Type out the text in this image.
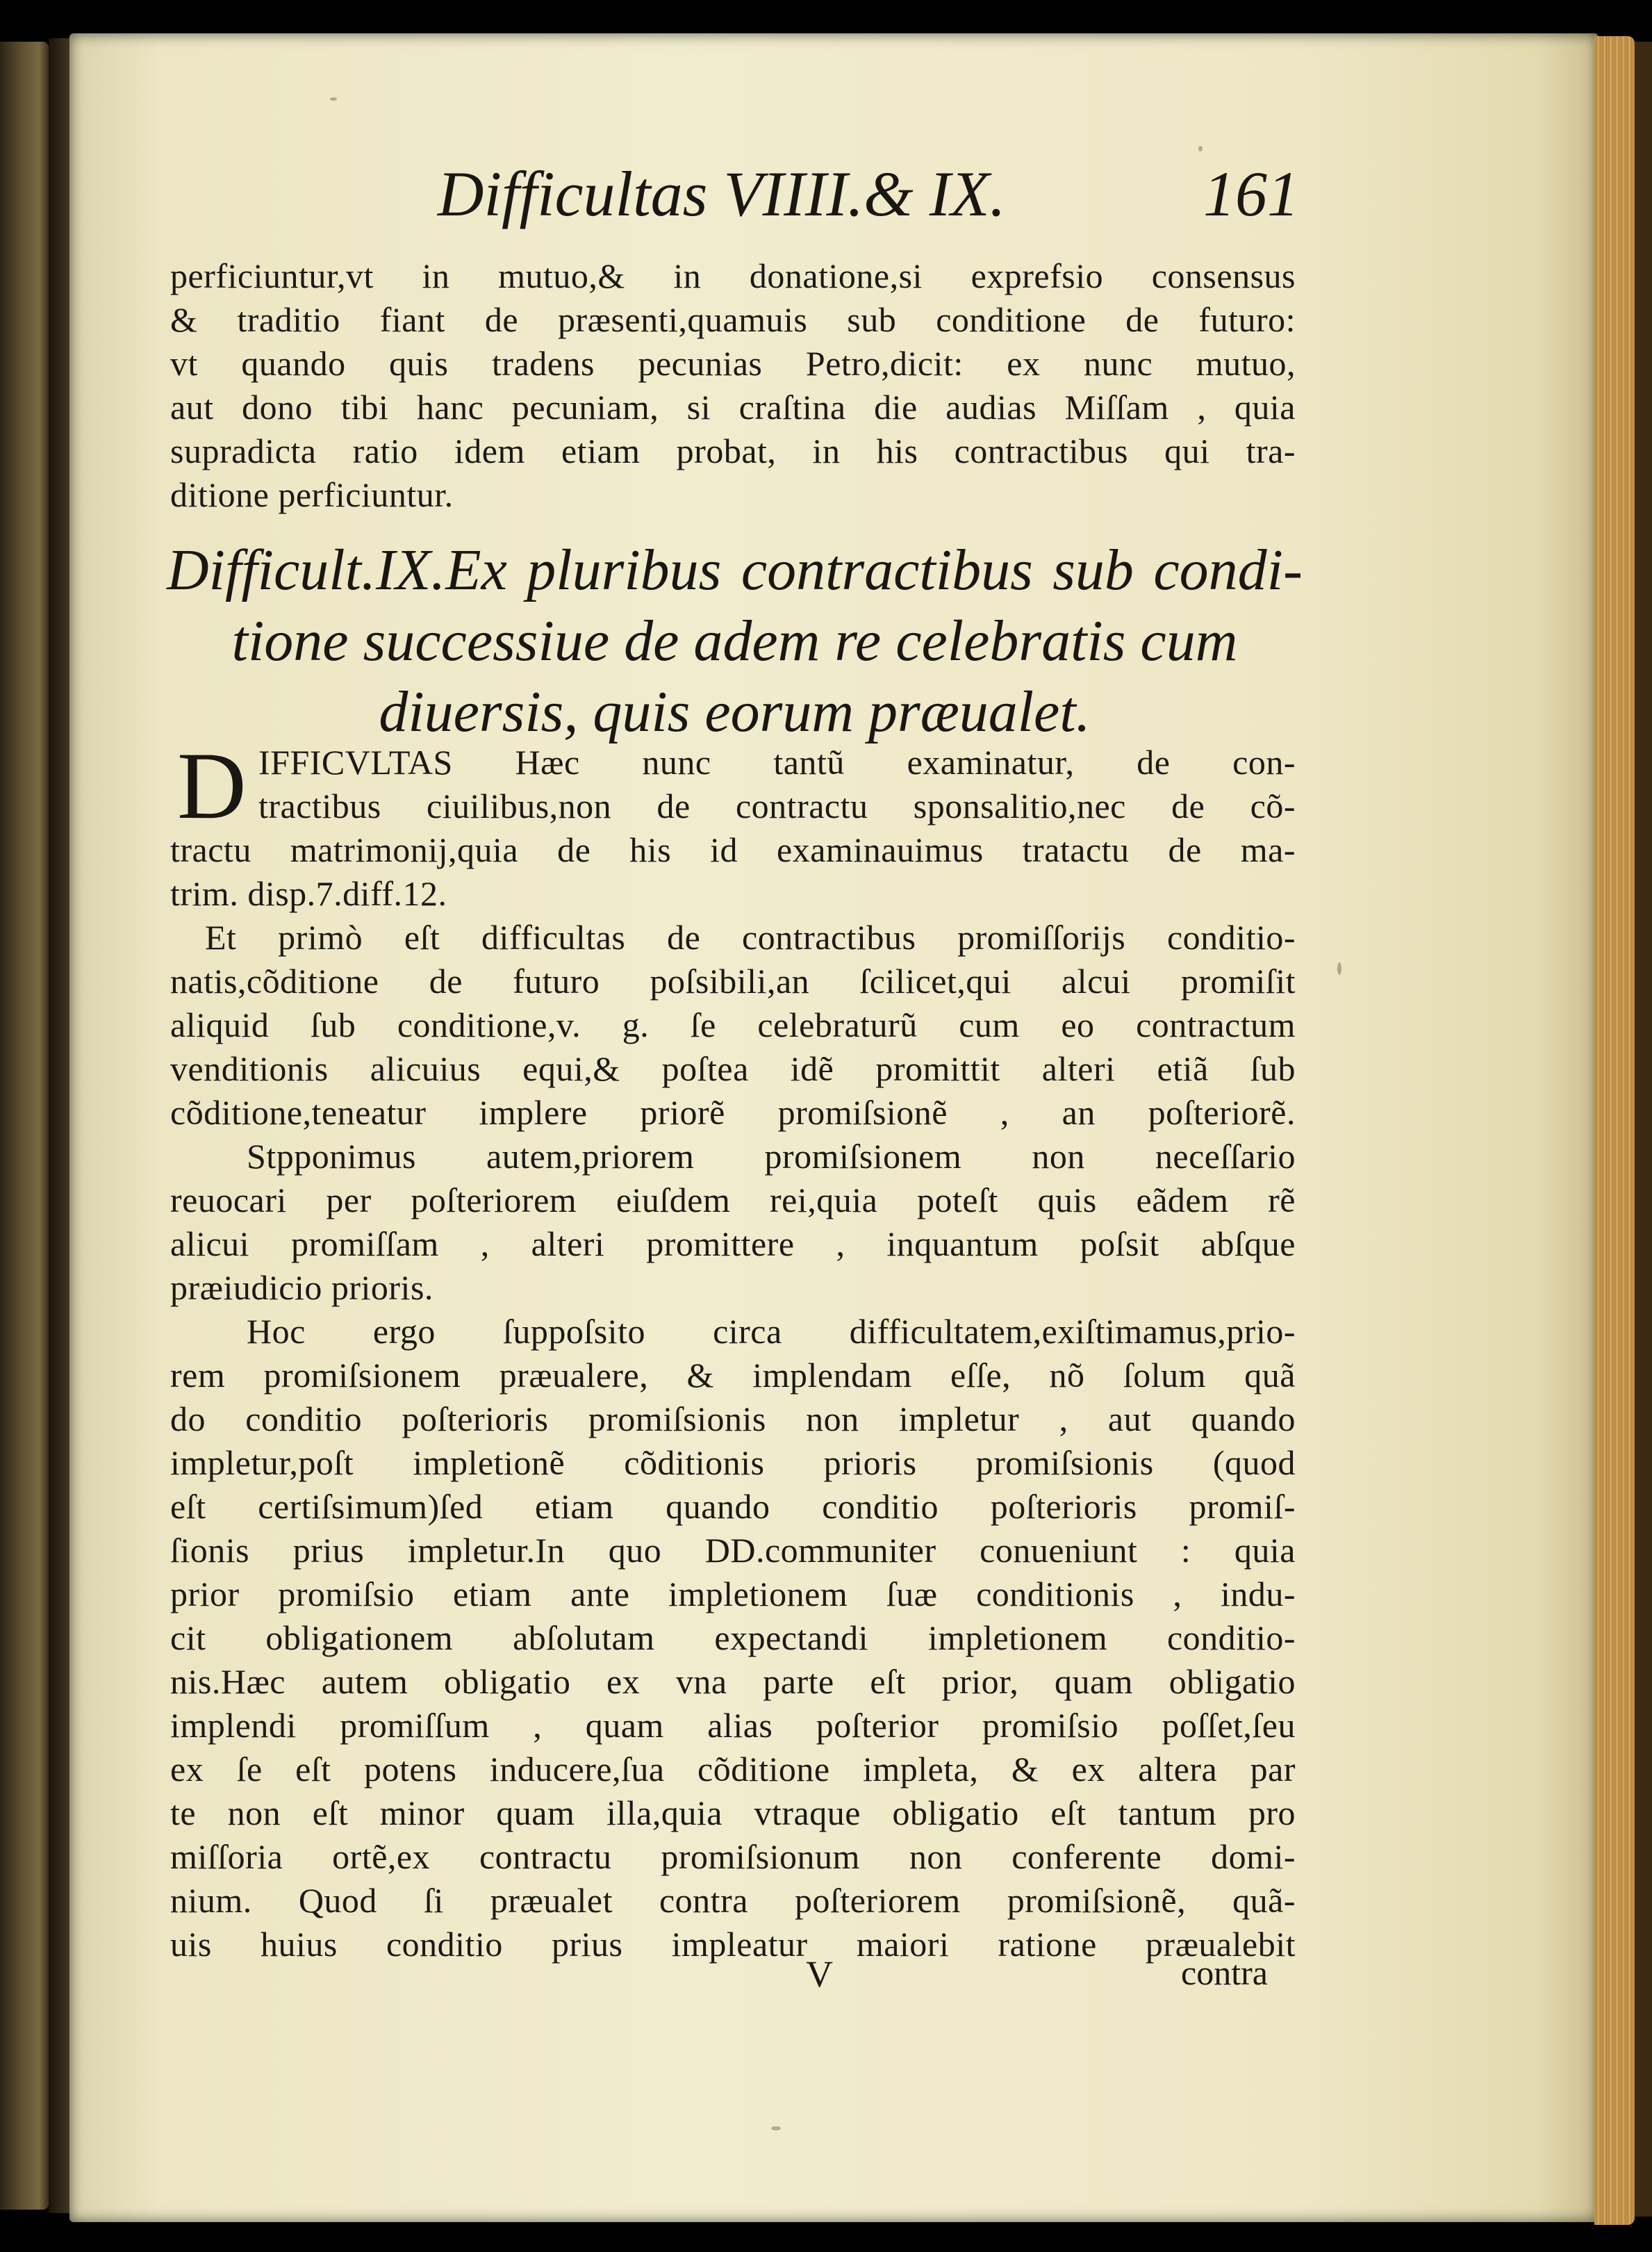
Difficultas VIIII.& IX.	161
perficiuntur,vt in mutuo,& in donatione,si exprefsio consensus
& traditio fiant de præsenti,quamuis sub conditione de futuro:
vt quando quis tradens pecunias Petro,dicit: ex nunc mutuo,
aut dono tibi hanc pecuniam, si craſtina die audias Miſſam , quia
supradicta ratio idem etiam probat, in his contractibus qui tra-
ditione perficiuntur.
Difficult.IX.Ex pluribus contractibus sub condi-
tione successiue de adem re celebratis cum
diuersis, quis eorum præualet.
D IFFICVLTAS Hæc nunc tantũ examinatur, de con-
tractibus ciuilibus,non de contractu sponsalitio,nec de cõ-
tractu matrimonij,quia de his id examinauimus tratactu de ma-
trim. disp.7.diff.12.
Et primò eſt difficultas de contractibus promiſſorijs conditio-
natis,cõditione de futuro poſsibili,an ſcilicet,qui alcui promiſit
aliquid ſub conditione,v. g. ſe celebraturũ cum eo contractum
venditionis alicuius equi,& poſtea idẽ promittit alteri etiã ſub
cõditione,teneatur implere priorẽ promiſsionẽ , an poſteriorẽ.
Stpponimus autem,priorem promiſsionem non neceſſario
reuocari per poſteriorem eiuſdem rei,quia poteſt quis eãdem rẽ
alicui promiſſam , alteri promittere , inquantum poſsit abſque
præiudicio prioris.
Hoc ergo ſuppoſsito circa difficultatem,exiſtimamus,prio-
rem promiſsionem præualere, & implendam eſſe, nõ ſolum quã
do conditio poſterioris promiſsionis non impletur , aut quando
impletur,poſt impletionẽ cõditionis prioris promiſsionis (quod
eſt certiſsimum)ſed etiam quando conditio poſterioris promiſ-
ſionis prius impletur.In quo DD.communiter conueniunt : quia
prior promiſsio etiam ante impletionem ſuæ conditionis , indu-
cit obligationem abſolutam expectandi impletionem conditio-
nis.Hæc autem obligatio ex vna parte eſt prior, quam obligatio
implendi promiſſum , quam alias poſterior promiſsio poſſet,ſeu
ex ſe eſt potens inducere,ſua cõditione impleta, & ex altera par
te non eſt minor quam illa,quia vtraque obligatio eſt tantum pro
miſſoria ortẽ,ex contractu promiſsionum non conferente domi-
nium. Quod ſi præualet contra poſteriorem promiſsionẽ, quã-
uis huius conditio prius impleatur maiori ratione præualebit
V	contra
